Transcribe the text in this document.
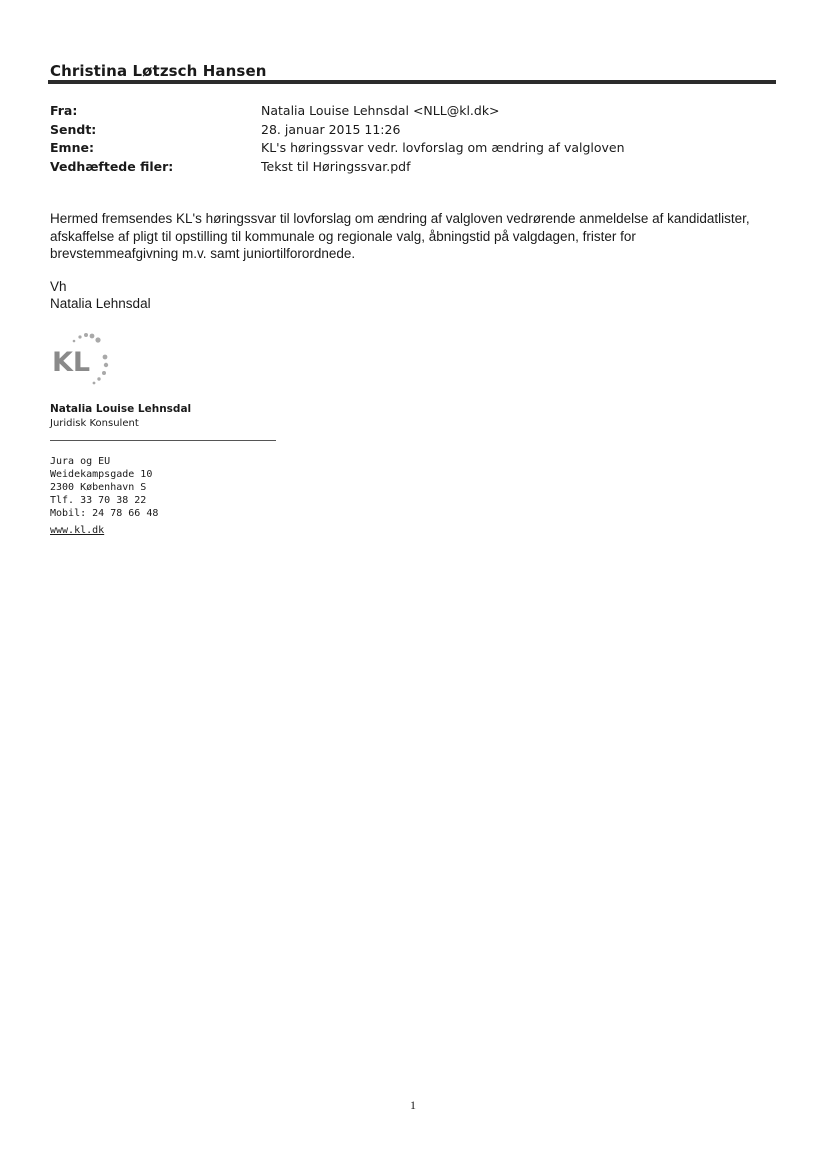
Christina Løtzsch Hansen
Fra:	Natalia Louise Lehnsdal <NLL@kl.dk>
Sendt:	28. januar 2015 11:26
Emne:	KL's høringssvar vedr. lovforslag om ændring af valgloven
Vedhæftede filer:	Tekst til Høringssvar.pdf
Hermed fremsendes KL's høringssvar til lovforslag om ændring af valgloven vedrørende anmeldelse af kandidatlister,
afskaffelse af pligt til opstilling til kommunale og regionale valg, åbningstid på valgdagen, frister for
brevstemmeafgivning m.v. samt juniortilforordnede.
Vh
Natalia Lehnsdal
KL
Natalia Louise Lehnsdal
Juridisk Konsulent
Jura og EU
Weidekampsgade 10
2300 København S
Tlf. 33 70 38 22
Mobil: 24 78 66 48
www.kl.dk
1
